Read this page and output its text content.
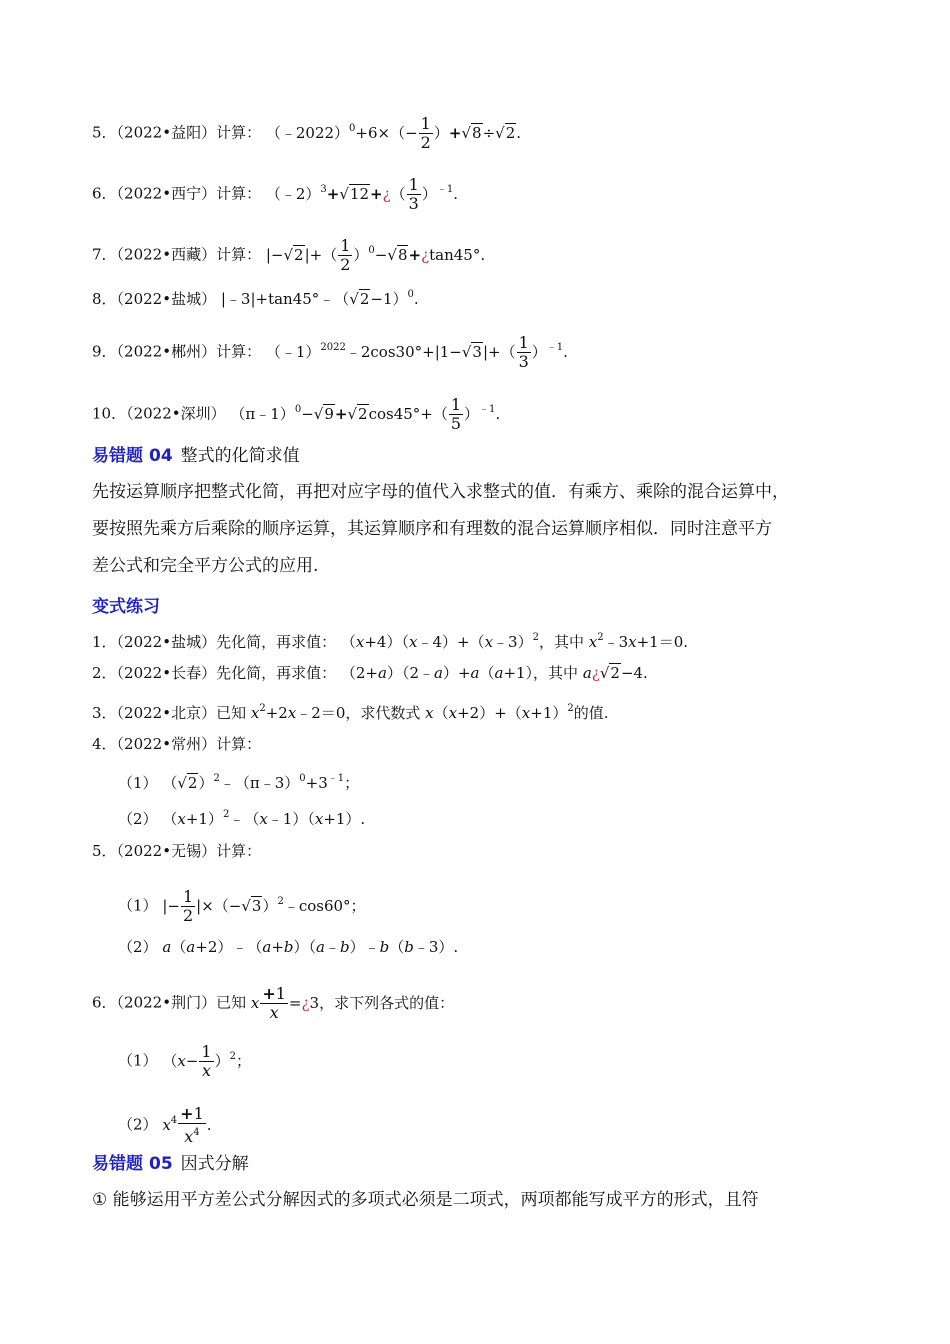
5．（2022•益阳）计算： （﹣2022）$^0$+6×（− $\frac{1}{2} )+√8\div√2$.
6．（2022•西宁）计算： （﹣2）$^3$+√12+¿（ $\frac{1}{3} )^{﹣1}$.
7．（2022•西藏）计算： $|-√2|+( \frac{1}{2}$ ）$^0-√8+¿\tan 45^\circ$.
8．（2022•盐城） $|﹣3|+\tan 45^\circ﹣(√2-1)^0$.
9．（2022•郴州）计算： （﹣1）$^{2022}$﹣2cos30°+|1−√3|+（ $\frac{1}{3} )^{﹣1}$.
10．（2022•深圳） （π﹣1）$^0$−√9+√2cos45°+（ $\frac{1}{5} )^{﹣1}$.
易错题 04 整式的化简求值
先按运算顺序把整式化简，再把对应字母的值代入求整式的值．有乘方、乘除的混合运算中，
要按照先乘方后乘除的顺序运算，其运算顺序和有理数的混合运算顺序相似．同时注意平方
差公式和完全平方公式的应用.
变式练习
1．（2022•盐城）先化简，再求值： （x+4）（x﹣4）+（x﹣3）$^2$，其中 $x^2﹣3x+1=0$.
2．（2022•长春）先化简，再求值： （2+a）（2﹣a）+a（a+1），其中 a¿√2−4.
3．（2022•北京）已知 $x^2+2x﹣2=0$，求代数式 $x(x+2)+(x+1)^2$的值.
4．（2022•常州）计算：
（1） $(√2)^2﹣(\pi﹣3)^0+3^{﹣1}$；
（2） $(x+1)^2﹣(x﹣1)(x+1)$.
5．（2022•无锡）计算：
（1） |− $\frac{1}{2}$ $|\times(-√3)^2﹣\cos 60^\circ$；
（2） a（a+2）﹣（a+b）（a﹣b）﹣b（b﹣3）.
6．（2022•荆门）已知 x $\frac{+1}{x}$ =¿3，求下列各式的值：
（1） $(x- \frac{1}{x} )^2$；
（2） $x^4 \frac{+1}{x^4}$ .
易错题 05 因式分解
① 能够运用平方差公式分解因式的多项式必须是二项式，两项都能写成平方的形式，且符
